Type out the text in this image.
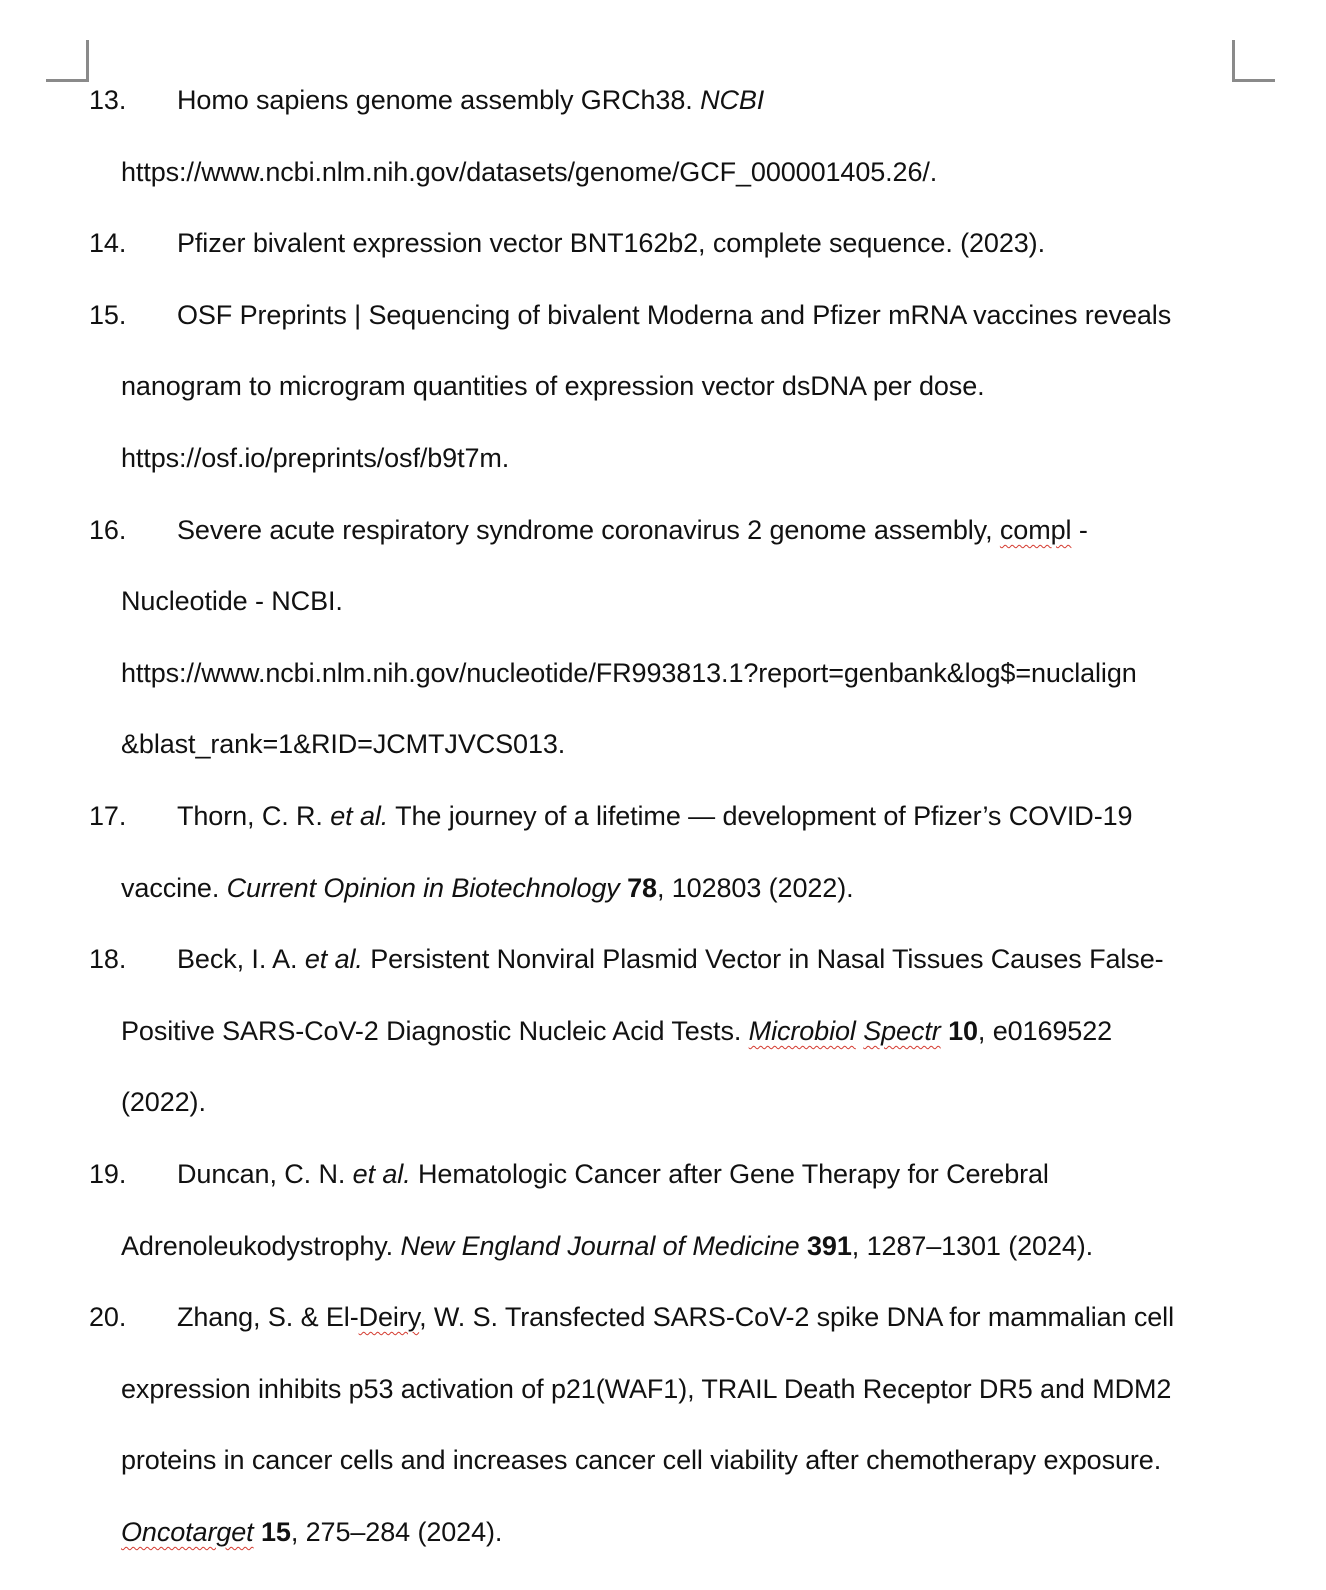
13. Homo sapiens genome assembly GRCh38. NCBI
https://www.ncbi.nlm.nih.gov/datasets/genome/GCF_000001405.26/.
14. Pfizer bivalent expression vector BNT162b2, complete sequence. (2023).
15. OSF Preprints | Sequencing of bivalent Moderna and Pfizer mRNA vaccines reveals
nanogram to microgram quantities of expression vector dsDNA per dose.
https://osf.io/preprints/osf/b9t7m.
16. Severe acute respiratory syndrome coronavirus 2 genome assembly, compl -
Nucleotide - NCBI.
https://www.ncbi.nlm.nih.gov/nucleotide/FR993813.1?report=genbank&log$=nuclalign
&blast_rank=1&RID=JCMTJVCS013.
17. Thorn, C. R. et al. The journey of a lifetime — development of Pfizer’s COVID-19
vaccine. Current Opinion in Biotechnology 78, 102803 (2022).
18. Beck, I. A. et al. Persistent Nonviral Plasmid Vector in Nasal Tissues Causes False-
Positive SARS-CoV-2 Diagnostic Nucleic Acid Tests. Microbiol Spectr 10, e0169522
(2022).
19. Duncan, C. N. et al. Hematologic Cancer after Gene Therapy for Cerebral
Adrenoleukodystrophy. New England Journal of Medicine 391, 1287–1301 (2024).
20. Zhang, S. & El-Deiry, W. S. Transfected SARS-CoV-2 spike DNA for mammalian cell
expression inhibits p53 activation of p21(WAF1), TRAIL Death Receptor DR5 and MDM2
proteins in cancer cells and increases cancer cell viability after chemotherapy exposure.
Oncotarget 15, 275–284 (2024).
